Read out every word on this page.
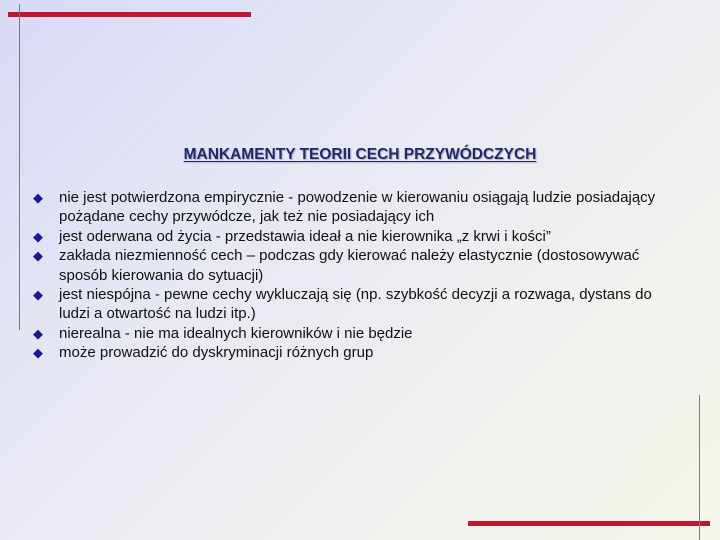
MANKAMENTY TEORII CECH PRZYWÓDCZYCH
◆	nie jest potwierdzona empirycznie - powodzenie w kierowaniu osiągają ludzie posiadający pożądane cechy przywódcze, jak też nie posiadający ich
◆	jest oderwana od życia - przedstawia ideał a nie kierownika „z krwi i kości”
◆	zakłada niezmienność cech – podczas gdy kierować należy elastycznie (dostosowywać sposób kierowania do sytuacji)
◆	jest niespójna - pewne cechy wykluczają się (np. szybkość decyzji a rozwaga, dystans do ludzi a otwartość na ludzi itp.)
◆	nierealna - nie ma idealnych kierowników i nie będzie
◆	może prowadzić do dyskryminacji różnych grup
